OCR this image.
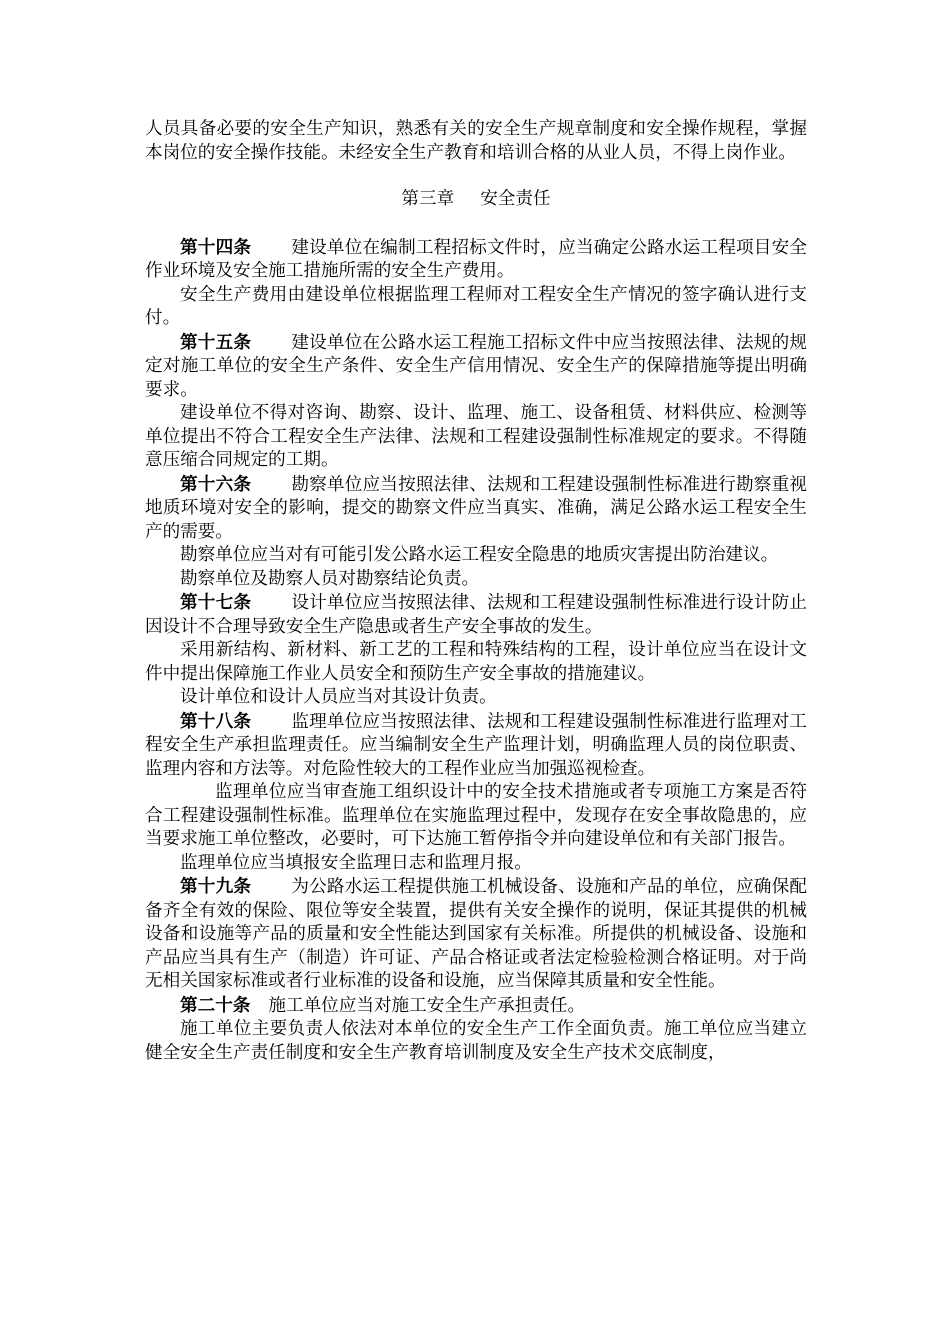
人员具备必要的安全生产知识，熟悉有关的安全生产规章制度和安全操作规程，掌握本岗位的安全操作技能。未经安全生产教育和培训合格的从业人员，不得上岗作业。

第三章 安全责任

第十四条 建设单位在编制工程招标文件时，应当确定公路水运工程项目安全作业环境及安全施工措施所需的安全生产费用。

安全生产费用由建设单位根据监理工程师对工程安全生产情况的签字确认进行支付。

第十五条 建设单位在公路水运工程施工招标文件中应当按照法律、法规的规定对施工单位的安全生产条件、安全生产信用情况、安全生产的保障措施等提出明确要求。

建设单位不得对咨询、勘察、设计、监理、施工、设备租赁、材料供应、检测等单位提出不符合工程安全生产法律、法规和工程建设强制性标准规定的要求。不得随意压缩合同规定的工期。

第十六条 勘察单位应当按照法律、法规和工程建设强制性标准进行勘察重视地质环境对安全的影响，提交的勘察文件应当真实、准确，满足公路水运工程安全生产的需要。

勘察单位应当对有可能引发公路水运工程安全隐患的地质灾害提出防治建议。

勘察单位及勘察人员对勘察结论负责。

第十七条 设计单位应当按照法律、法规和工程建设强制性标准进行设计防止因设计不合理导致安全生产隐患或者生产安全事故的发生。

采用新结构、新材料、新工艺的工程和特殊结构的工程，设计单位应当在设计文件中提出保障施工作业人员安全和预防生产安全事故的措施建议。

设计单位和设计人员应当对其设计负责。

第十八条 监理单位应当按照法律、法规和工程建设强制性标准进行监理对工程安全生产承担监理责任。应当编制安全生产监理计划，明确监理人员的岗位职责、监理内容和方法等。对危险性较大的工程作业应当加强巡视检查。

监理单位应当审查施工组织设计中的安全技术措施或者专项施工方案是否符合工程建设强制性标准。监理单位在实施监理过程中，发现存在安全事故隐患的，应当要求施工单位整改，必要时，可下达施工暂停指令并向建设单位和有关部门报告。

监理单位应当填报安全监理日志和监理月报。

第十九条 为公路水运工程提供施工机械设备、设施和产品的单位，应确保配备齐全有效的保险、限位等安全装置，提供有关安全操作的说明，保证其提供的机械设备和设施等产品的质量和安全性能达到国家有关标准。所提供的机械设备、设施和产品应当具有生产（制造）许可证、产品合格证或者法定检验检测合格证明。对于尚无相关国家标准或者行业标准的设备和设施，应当保障其质量和安全性能。

第二十条 施工单位应当对施工安全生产承担责任。

施工单位主要负责人依法对本单位的安全生产工作全面负责。施工单位应当建立健全安全生产责任制度和安全生产教育培训制度及安全生产技术交底制度，
